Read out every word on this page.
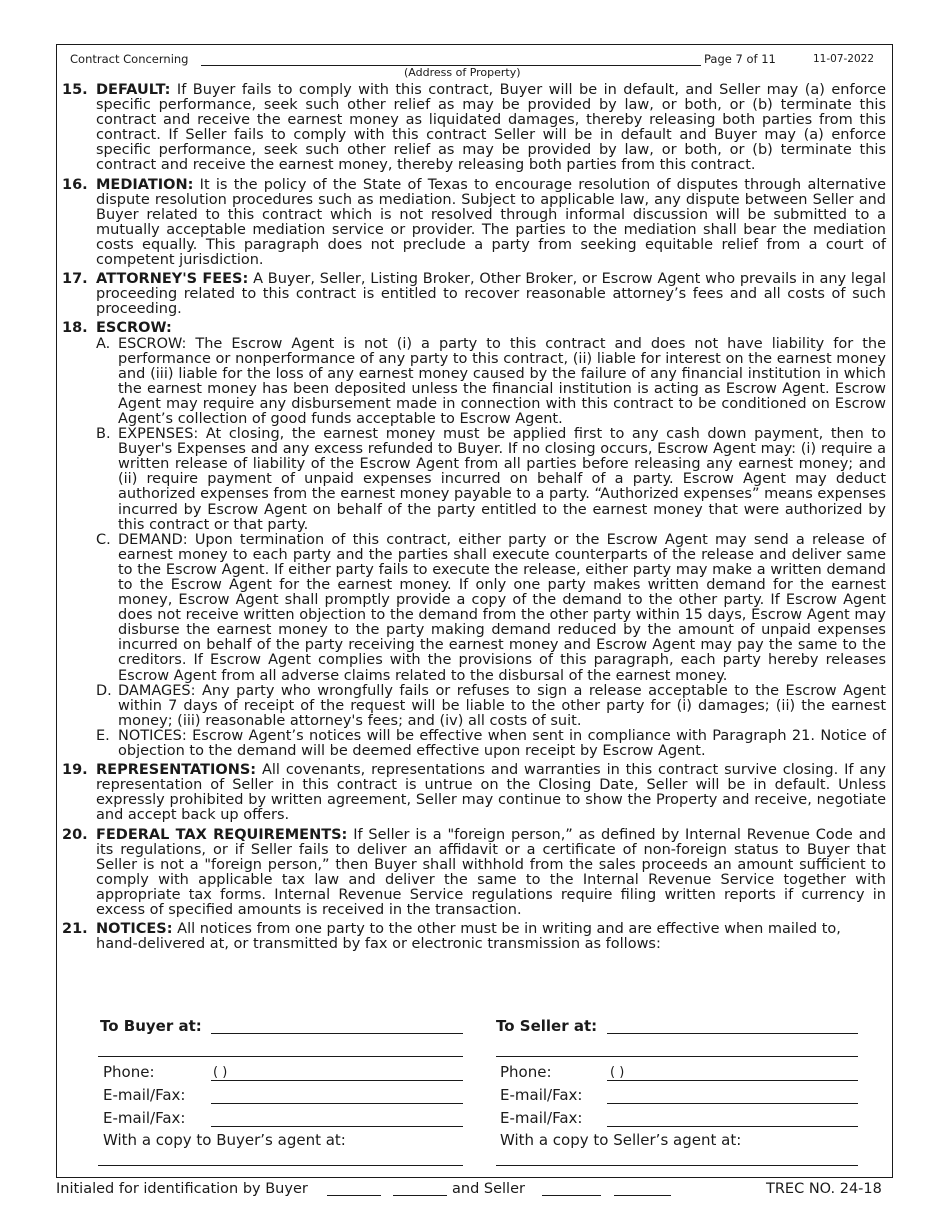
Contract Concerning	Page 7 of 11	11-07-2022
(Address of Property)
15. DEFAULT: If Buyer fails to comply with this contract, Buyer will be in default, and Seller may (a) enforce specific performance, seek such other relief as may be provided by law, or both, or (b) terminate this contract and receive the earnest money as liquidated damages, thereby releasing both parties from this contract. If Seller fails to comply with this contract Seller will be in default and Buyer may (a) enforce specific performance, seek such other relief as may be provided by law, or both, or (b) terminate this contract and receive the earnest money, thereby releasing both parties from this contract.
16. MEDIATION: It is the policy of the State of Texas to encourage resolution of disputes through alternative dispute resolution procedures such as mediation. Subject to applicable law, any dispute between Seller and Buyer related to this contract which is not resolved through informal discussion will be submitted to a mutually acceptable mediation service or provider. The parties to the mediation shall bear the mediation costs equally. This paragraph does not preclude a party from seeking equitable relief from a court of competent jurisdiction.
17. ATTORNEY'S FEES: A Buyer, Seller, Listing Broker, Other Broker, or Escrow Agent who prevails in any legal proceeding related to this contract is entitled to recover reasonable attorney’s fees and all costs of such proceeding.
18. ESCROW:
A. ESCROW: The Escrow Agent is not (i) a party to this contract and does not have liability for the performance or nonperformance of any party to this contract, (ii) liable for interest on the earnest money and (iii) liable for the loss of any earnest money caused by the failure of any financial institution in which the earnest money has been deposited unless the financial institution is acting as Escrow Agent. Escrow Agent may require any disbursement made in connection with this contract to be conditioned on Escrow Agent’s collection of good funds acceptable to Escrow Agent.
B. EXPENSES: At closing, the earnest money must be applied first to any cash down payment, then to Buyer's Expenses and any excess refunded to Buyer. If no closing occurs, Escrow Agent may: (i) require a written release of liability of the Escrow Agent from all parties before releasing any earnest money; and (ii) require payment of unpaid expenses incurred on behalf of a party. Escrow Agent may deduct authorized expenses from the earnest money payable to a party. “Authorized expenses” means expenses incurred by Escrow Agent on behalf of the party entitled to the earnest money that were authorized by this contract or that party.
C. DEMAND: Upon termination of this contract, either party or the Escrow Agent may send a release of earnest money to each party and the parties shall execute counterparts of the release and deliver same to the Escrow Agent. If either party fails to execute the release, either party may make a written demand to the Escrow Agent for the earnest money. If only one party makes written demand for the earnest money, Escrow Agent shall promptly provide a copy of the demand to the other party. If Escrow Agent does not receive written objection to the demand from the other party within 15 days, Escrow Agent may disburse the earnest money to the party making demand reduced by the amount of unpaid expenses incurred on behalf of the party receiving the earnest money and Escrow Agent may pay the same to the creditors. If Escrow Agent complies with the provisions of this paragraph, each party hereby releases Escrow Agent from all adverse claims related to the disbursal of the earnest money.
D. DAMAGES: Any party who wrongfully fails or refuses to sign a release acceptable to the Escrow Agent within 7 days of receipt of the request will be liable to the other party for (i) damages; (ii) the earnest money; (iii) reasonable attorney's fees; and (iv) all costs of suit.
E. NOTICES: Escrow Agent’s notices will be effective when sent in compliance with Paragraph 21. Notice of objection to the demand will be deemed effective upon receipt by Escrow Agent.
19. REPRESENTATIONS: All covenants, representations and warranties in this contract survive closing. If any representation of Seller in this contract is untrue on the Closing Date, Seller will be in default. Unless expressly prohibited by written agreement, Seller may continue to show the Property and receive, negotiate and accept back up offers.
20. FEDERAL TAX REQUIREMENTS: If Seller is a "foreign person,” as defined by Internal Revenue Code and its regulations, or if Seller fails to deliver an affidavit or a certificate of non-foreign status to Buyer that Seller is not a "foreign person,” then Buyer shall withhold from the sales proceeds an amount sufficient to comply with applicable tax law and deliver the same to the Internal Revenue Service together with appropriate tax forms. Internal Revenue Service regulations require filing written reports if currency in excess of specified amounts is received in the transaction.
21. NOTICES: All notices from one party to the other must be in writing and are effective when mailed to, hand-delivered at, or transmitted by fax or electronic transmission as follows:
To Buyer at:
Phone:	( )
E-mail/Fax:
E-mail/Fax:
With a copy to Buyer’s agent at:
To Seller at:
Phone:	( )
E-mail/Fax:
E-mail/Fax:
With a copy to Seller’s agent at:
Initialed for identification by Buyer	and Seller	TREC NO. 24-18
